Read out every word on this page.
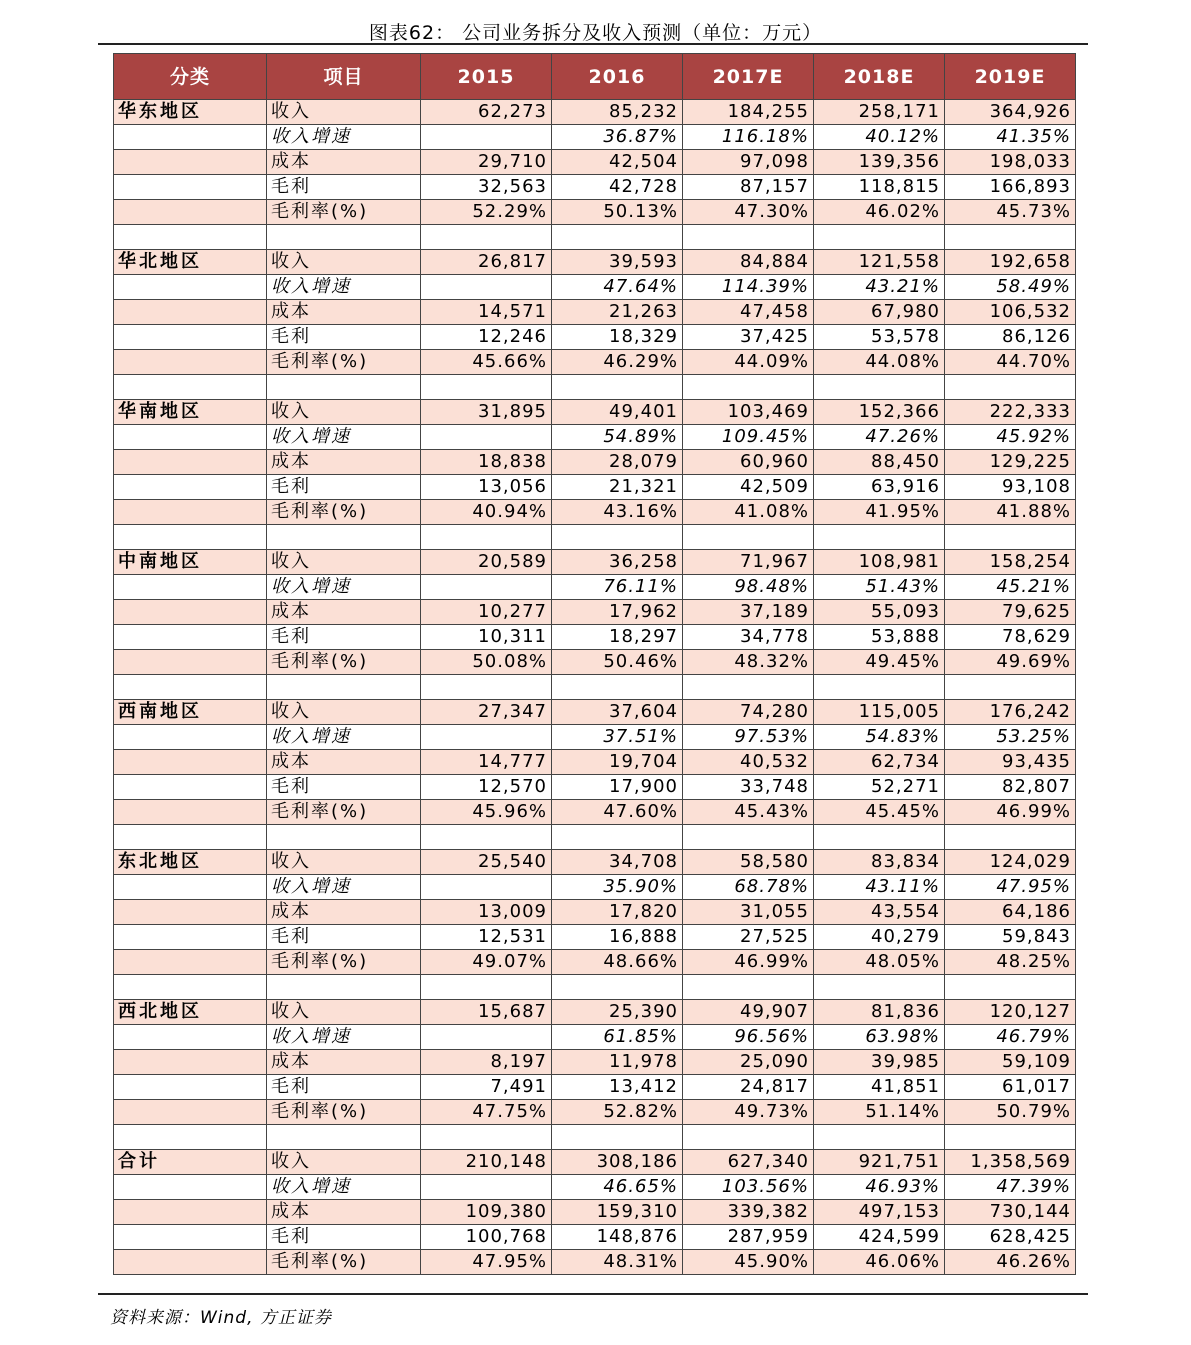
图表62： 公司业务拆分及收入预测（单位：万元）
分类	项目	2015	2016	2017E	2018E	2019E
华东地区	收入	62,273	85,232	184,255	258,171	364,926
	收入增速		36.87%	116.18%	40.12%	41.35%
	成本	29,710	42,504	97,098	139,356	198,033
	毛利	32,563	42,728	87,157	118,815	166,893
	毛利率(%)	52.29%	50.13%	47.30%	46.02%	45.73%

华北地区	收入	26,817	39,593	84,884	121,558	192,658
	收入增速		47.64%	114.39%	43.21%	58.49%
	成本	14,571	21,263	47,458	67,980	106,532
	毛利	12,246	18,329	37,425	53,578	86,126
	毛利率(%)	45.66%	46.29%	44.09%	44.08%	44.70%

华南地区	收入	31,895	49,401	103,469	152,366	222,333
	收入增速		54.89%	109.45%	47.26%	45.92%
	成本	18,838	28,079	60,960	88,450	129,225
	毛利	13,056	21,321	42,509	63,916	93,108
	毛利率(%)	40.94%	43.16%	41.08%	41.95%	41.88%

中南地区	收入	20,589	36,258	71,967	108,981	158,254
	收入增速		76.11%	98.48%	51.43%	45.21%
	成本	10,277	17,962	37,189	55,093	79,625
	毛利	10,311	18,297	34,778	53,888	78,629
	毛利率(%)	50.08%	50.46%	48.32%	49.45%	49.69%

西南地区	收入	27,347	37,604	74,280	115,005	176,242
	收入增速		37.51%	97.53%	54.83%	53.25%
	成本	14,777	19,704	40,532	62,734	93,435
	毛利	12,570	17,900	33,748	52,271	82,807
	毛利率(%)	45.96%	47.60%	45.43%	45.45%	46.99%

东北地区	收入	25,540	34,708	58,580	83,834	124,029
	收入增速		35.90%	68.78%	43.11%	47.95%
	成本	13,009	17,820	31,055	43,554	64,186
	毛利	12,531	16,888	27,525	40,279	59,843
	毛利率(%)	49.07%	48.66%	46.99%	48.05%	48.25%

西北地区	收入	15,687	25,390	49,907	81,836	120,127
	收入增速		61.85%	96.56%	63.98%	46.79%
	成本	8,197	11,978	25,090	39,985	59,109
	毛利	7,491	13,412	24,817	41,851	61,017
	毛利率(%)	47.75%	52.82%	49.73%	51.14%	50.79%

合计	收入	210,148	308,186	627,340	921,751	1,358,569
	收入增速		46.65%	103.56%	46.93%	47.39%
	成本	109,380	159,310	339,382	497,153	730,144
	毛利	100,768	148,876	287,959	424,599	628,425
	毛利率(%)	47.95%	48.31%	45.90%	46.06%	46.26%
资料来源：Wind, 方正证券
